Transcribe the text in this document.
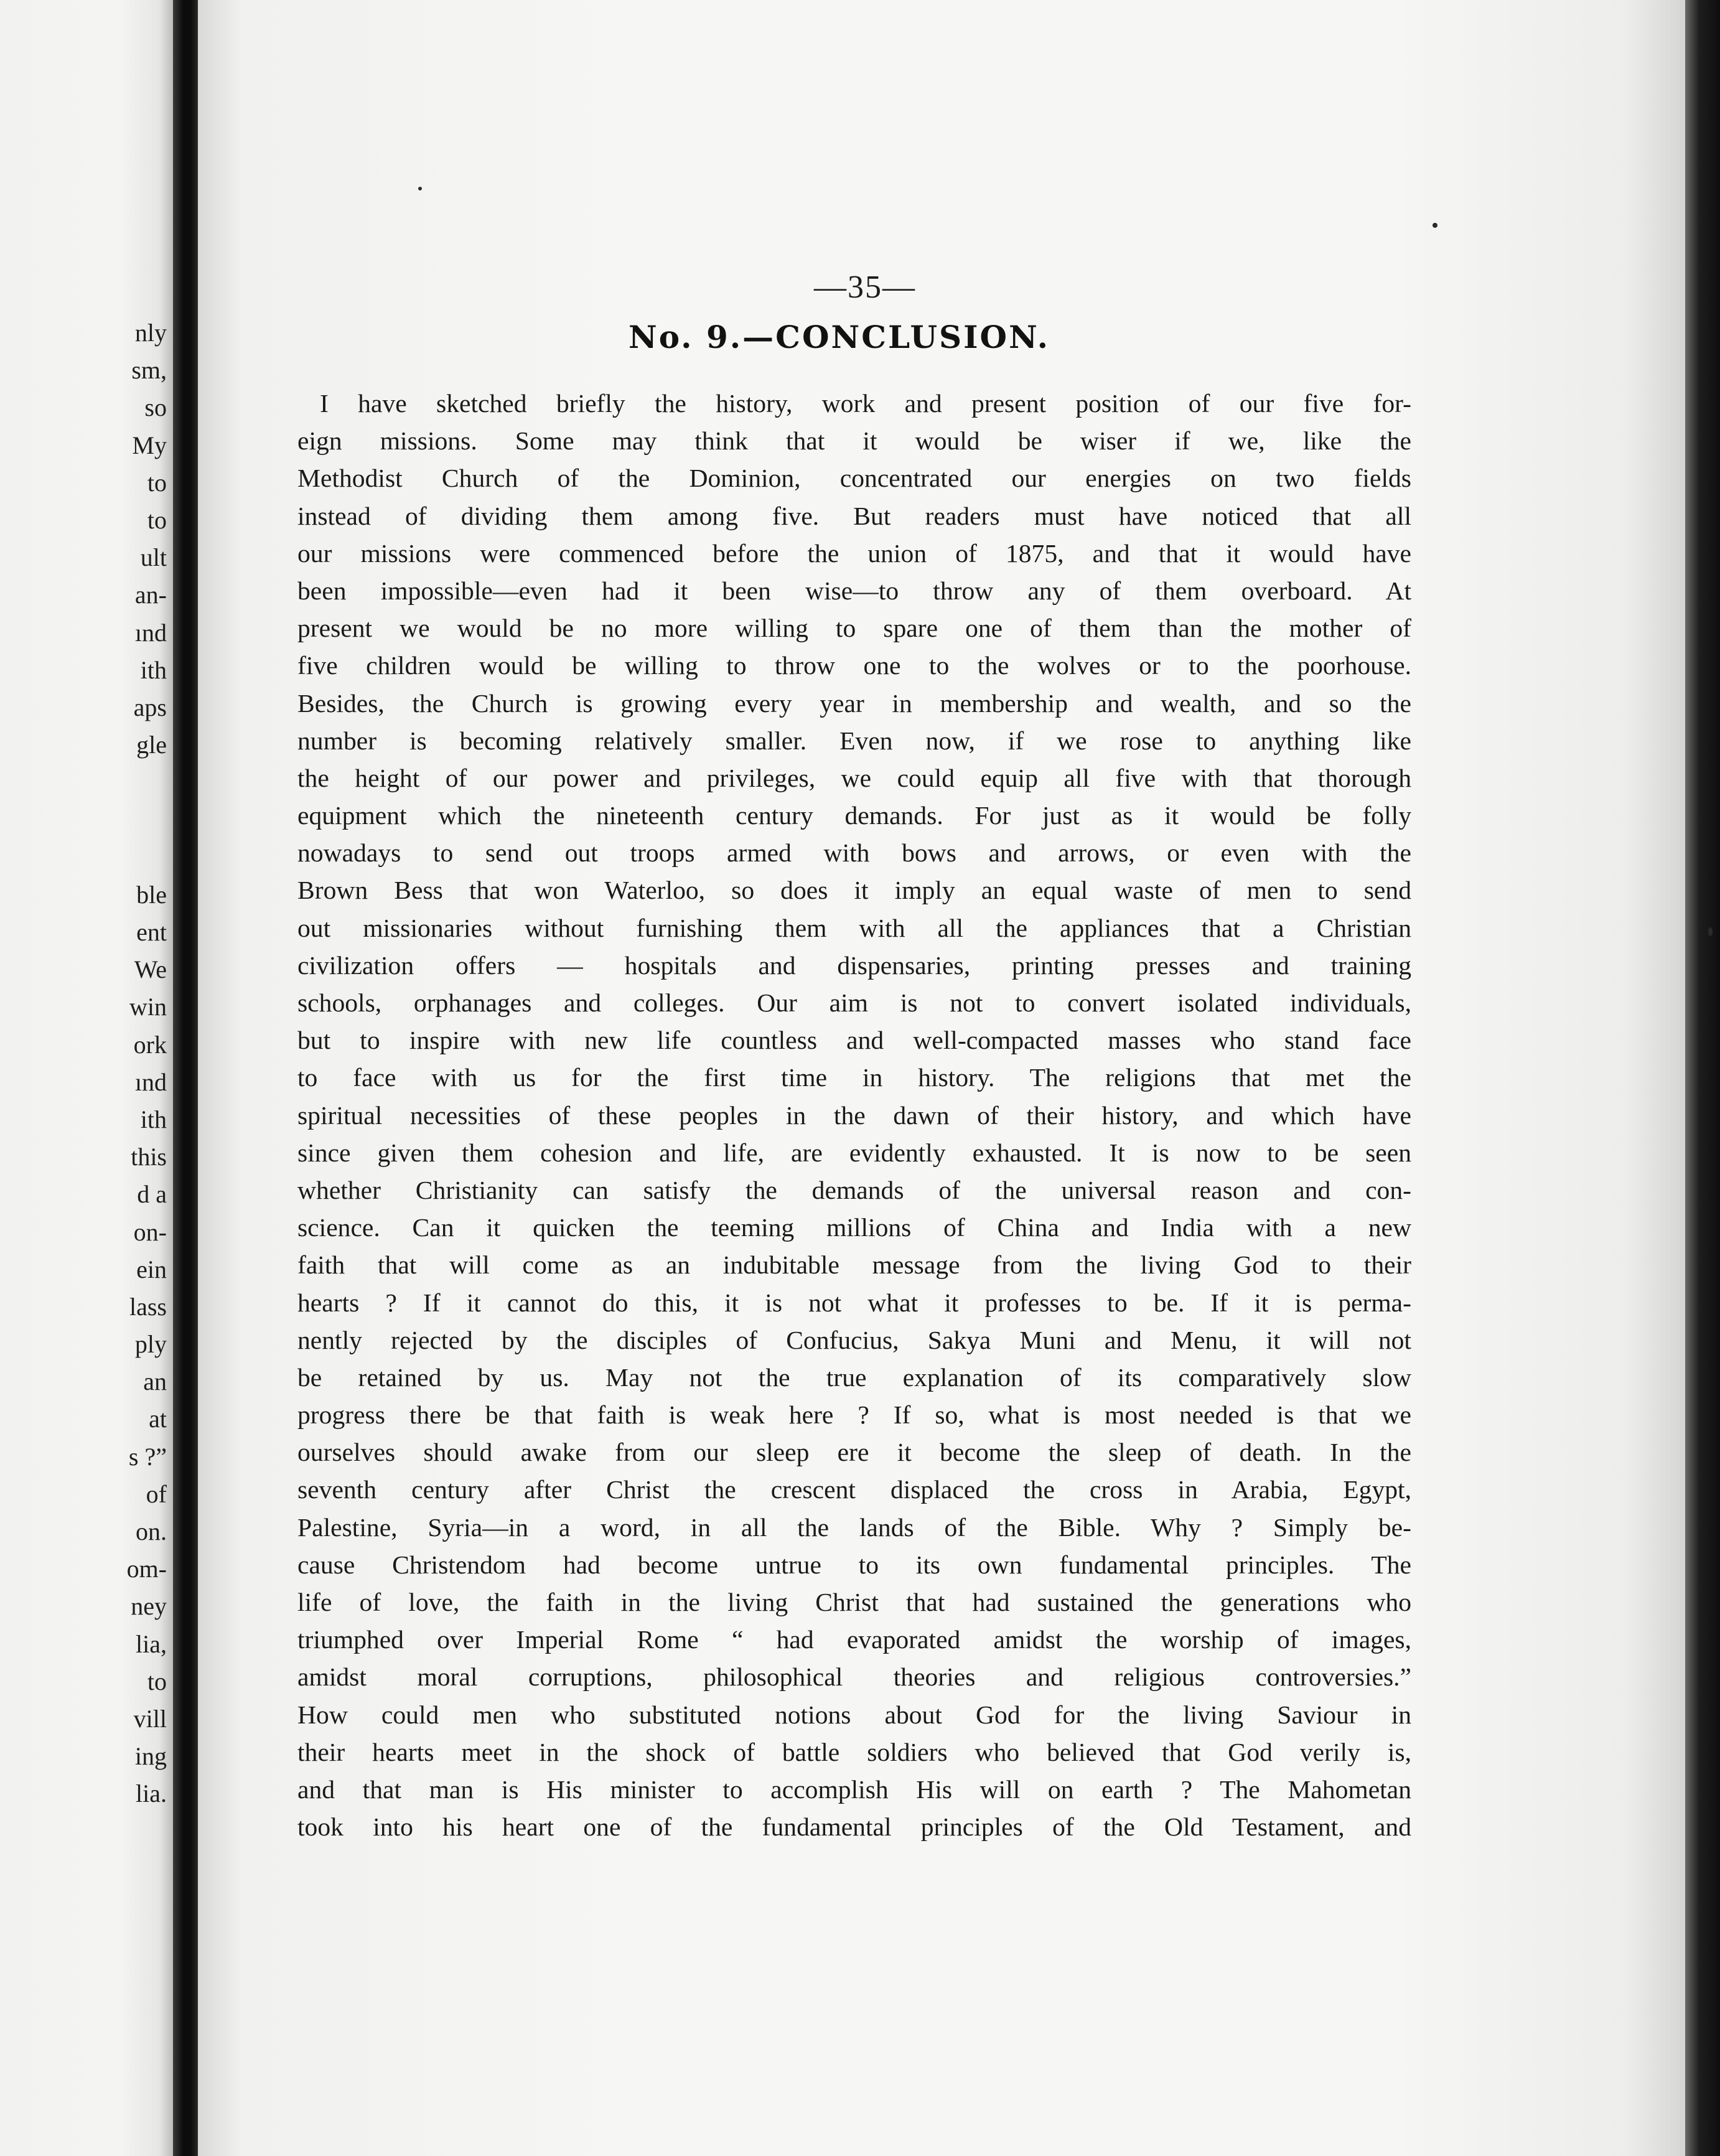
nly
sm,
so
My
to
to
ult
an-
ınd
ith
aps
gle
ble
ent
We
win
ork
ınd
ith
this
d a
on-
ein
lass
ply
an
at
s ?”
of
on.
om-
ney
lia,
to
vill
ing
lia.
—35—
No. 9.—CONCLUSION.
I have sketched briefly the history, work and present position of our five for-
eign missions. Some may think that it would be wiser if we, like the
Methodist Church of the Dominion, concentrated our energies on two fields
instead of dividing them among five. But readers must have noticed that all
our missions were commenced before the union of 1875, and that it would have
been impossible—even had it been wise—to throw any of them overboard. At
present we would be no more willing to spare one of them than the mother of
five children would be willing to throw one to the wolves or to the poorhouse.
Besides, the Church is growing every year in membership and wealth, and so the
number is becoming relatively smaller. Even now, if we rose to anything like
the height of our power and privileges, we could equip all five with that thorough
equipment which the nineteenth century demands. For just as it would be folly
nowadays to send out troops armed with bows and arrows, or even with the
Brown Bess that won Waterloo, so does it imply an equal waste of men to send
out missionaries without furnishing them with all the appliances that a Christian
civilization offers — hospitals and dispensaries, printing presses and training
schools, orphanages and colleges. Our aim is not to convert isolated individuals,
but to inspire with new life countless and well-compacted masses who stand face
to face with us for the first time in history. The religions that met the
spiritual necessities of these peoples in the dawn of their history, and which have
since given them cohesion and life, are evidently exhausted. It is now to be seen
whether Christianity can satisfy the demands of the universal reason and con-
science. Can it quicken the teeming millions of China and India with a new
faith that will come as an indubitable message from the living God to their
hearts ? If it cannot do this, it is not what it professes to be. If it is perma-
nently rejected by the disciples of Confucius, Sakya Muni and Menu, it will not
be retained by us. May not the true explanation of its comparatively slow
progress there be that faith is weak here ? If so, what is most needed is that we
ourselves should awake from our sleep ere it become the sleep of death. In the
seventh century after Christ the crescent displaced the cross in Arabia, Egypt,
Palestine, Syria—in a word, in all the lands of the Bible. Why ? Simply be-
cause Christendom had become untrue to its own fundamental principles. The
life of love, the faith in the living Christ that had sustained the generations who
triumphed over Imperial Rome “ had evaporated amidst the worship of images,
amidst moral corruptions, philosophical theories and religious controversies.”
How could men who substituted notions about God for the living Saviour in
their hearts meet in the shock of battle soldiers who believed that God verily is,
and that man is His minister to accomplish His will on earth ? The Mahometan
took into his heart one of the fundamental principles of the Old Testament, and
